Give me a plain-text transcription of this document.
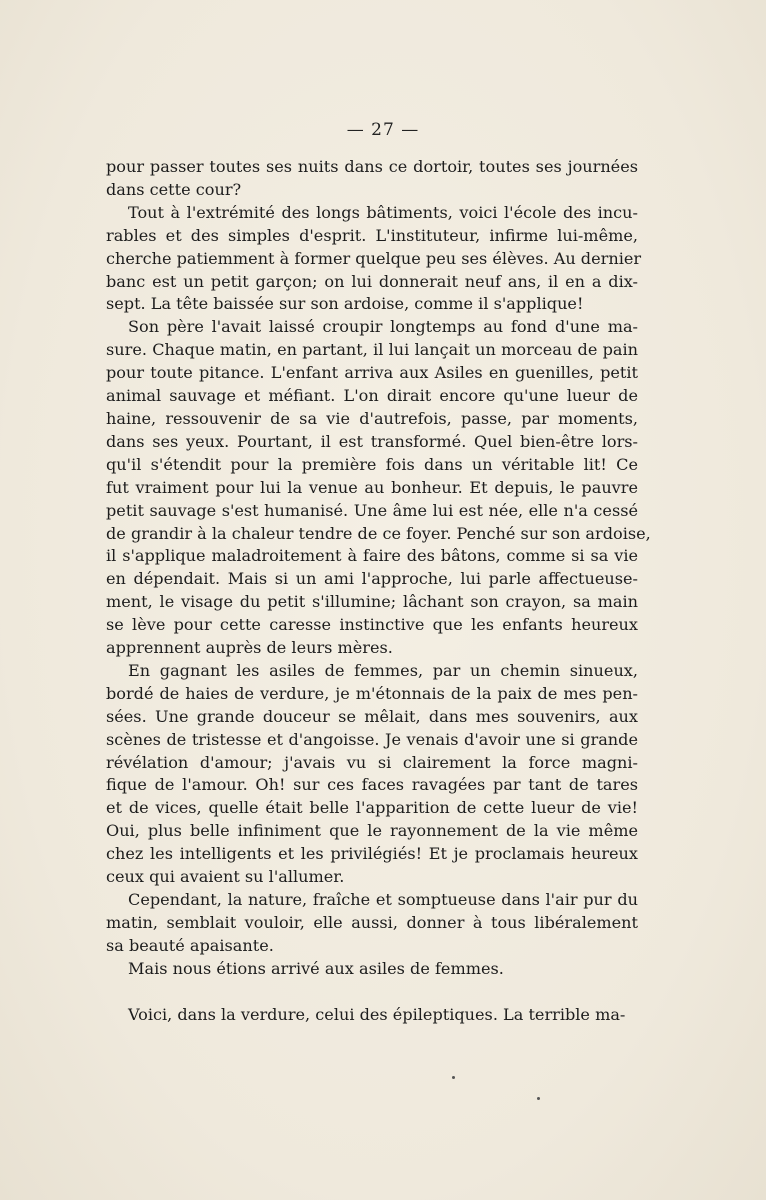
— 27 —
pour passer toutes ses nuits dans ce dortoir, toutes ses journées
dans cette cour?
Tout à l'extrémité des longs bâtiments, voici l'école des incu-
rables et des simples d'esprit. L'instituteur, infirme lui-même,
cherche patiemment à former quelque peu ses élèves. Au dernier
banc est un petit garçon; on lui donnerait neuf ans, il en a dix-
sept. La tête baissée sur son ardoise, comme il s'applique!
Son père l'avait laissé croupir longtemps au fond d'une ma-
sure. Chaque matin, en partant, il lui lançait un morceau de pain
pour toute pitance. L'enfant arriva aux Asiles en guenilles, petit
animal sauvage et méfiant. L'on dirait encore qu'une lueur de
haine, ressouvenir de sa vie d'autrefois, passe, par moments,
dans ses yeux. Pourtant, il est transformé. Quel bien-être lors-
qu'il s'étendit pour la première fois dans un véritable lit! Ce
fut vraiment pour lui la venue au bonheur. Et depuis, le pauvre
petit sauvage s'est humanisé. Une âme lui est née, elle n'a cessé
de grandir à la chaleur tendre de ce foyer. Penché sur son ardoise,
il s'applique maladroitement à faire des bâtons, comme si sa vie
en dépendait. Mais si un ami l'approche, lui parle affectueuse-
ment, le visage du petit s'illumine; lâchant son crayon, sa main
se lève pour cette caresse instinctive que les enfants heureux
apprennent auprès de leurs mères.
En gagnant les asiles de femmes, par un chemin sinueux,
bordé de haies de verdure, je m'étonnais de la paix de mes pen-
sées. Une grande douceur se mêlait, dans mes souvenirs, aux
scènes de tristesse et d'angoisse. Je venais d'avoir une si grande
révélation d'amour; j'avais vu si clairement la force magni-
fique de l'amour. Oh! sur ces faces ravagées par tant de tares
et de vices, quelle était belle l'apparition de cette lueur de vie!
Oui, plus belle infiniment que le rayonnement de la vie même
chez les intelligents et les privilégiés! Et je proclamais heureux
ceux qui avaient su l'allumer.
Cependant, la nature, fraîche et somptueuse dans l'air pur du
matin, semblait vouloir, elle aussi, donner à tous libéralement
sa beauté apaisante.
Mais nous étions arrivé aux asiles de femmes.
Voici, dans la verdure, celui des épileptiques. La terrible ma-
